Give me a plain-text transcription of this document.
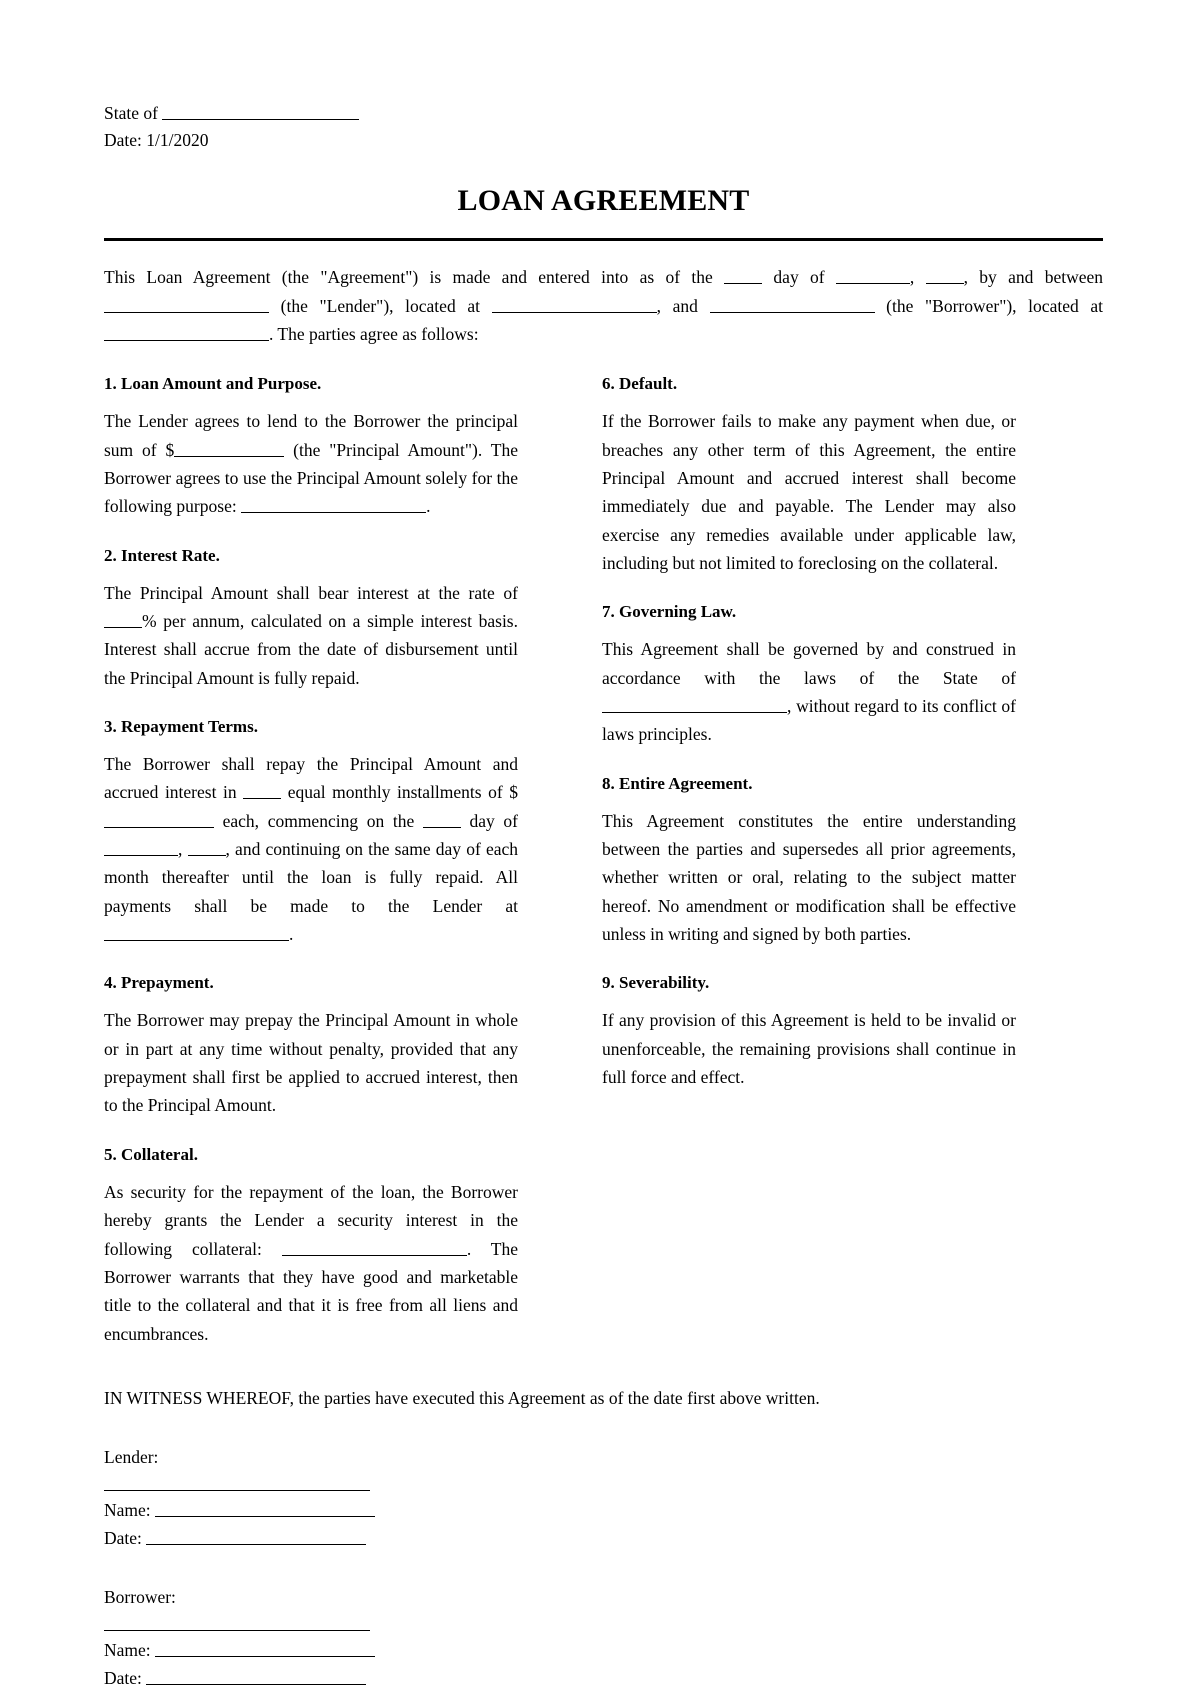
State of
Date: 1/1/2020
LOAN AGREEMENT

This Loan Agreement (the "Agreement") is made and entered into as of the  day of	, , by and between  (the "Lender"), located at	, and	(the "Borrower"), located at . The parties agree as follows:

1. Loan Amount and Purpose.

The Lender agrees to lend to the Borrower the principal sum of $	(the "Principal Amount"). The Borrower agrees to use the Principal Amount solely for the following purpose:	.

2. Interest Rate.

The Principal Amount shall bear interest at the rate of % per annum, calculated on a simple interest basis. Interest shall accrue from the date of disbursement until the Principal Amount is fully repaid.

3. Repayment Terms.

The Borrower shall repay the Principal Amount and accrued interest in  equal monthly installments of $ each, commencing on the  day of , , and continuing on the same day of each month thereafter until the loan is fully repaid. All payments shall be made to the Lender at .

4. Prepayment.

The Borrower may prepay the Principal Amount in whole or in part at any time without penalty, provided that any prepayment shall first be applied to accrued interest, then to the Principal Amount.

5. Collateral.

As security for the repayment of the loan, the Borrower hereby grants the Lender a security interest in the following collateral:	. The Borrower warrants that they have good and marketable title to the collateral and that it is free from all liens and encumbrances.

6. Default.

If the Borrower fails to make any payment when due, or breaches any other term of this Agreement, the entire Principal Amount and accrued interest shall become immediately due and payable. The Lender may also exercise any remedies available under applicable law, including but not limited to foreclosing on the collateral.

7. Governing Law.

This Agreement shall be governed by and construed in accordance with the laws of the State of , without regard to its conflict of laws principles.

8. Entire Agreement.

This Agreement constitutes the entire understanding between the parties and supersedes all prior agreements, whether written or oral, relating to the subject matter hereof. No amendment or modification shall be effective unless in writing and signed by both parties.

9. Severability.

If any provision of this Agreement is held to be invalid or unenforceable, the remaining provisions shall continue in full force and effect.

IN WITNESS WHEREOF, the parties have executed this Agreement as of the date first above written.

Lender:
Name:
Date:
Borrower:
Name:
Date:
